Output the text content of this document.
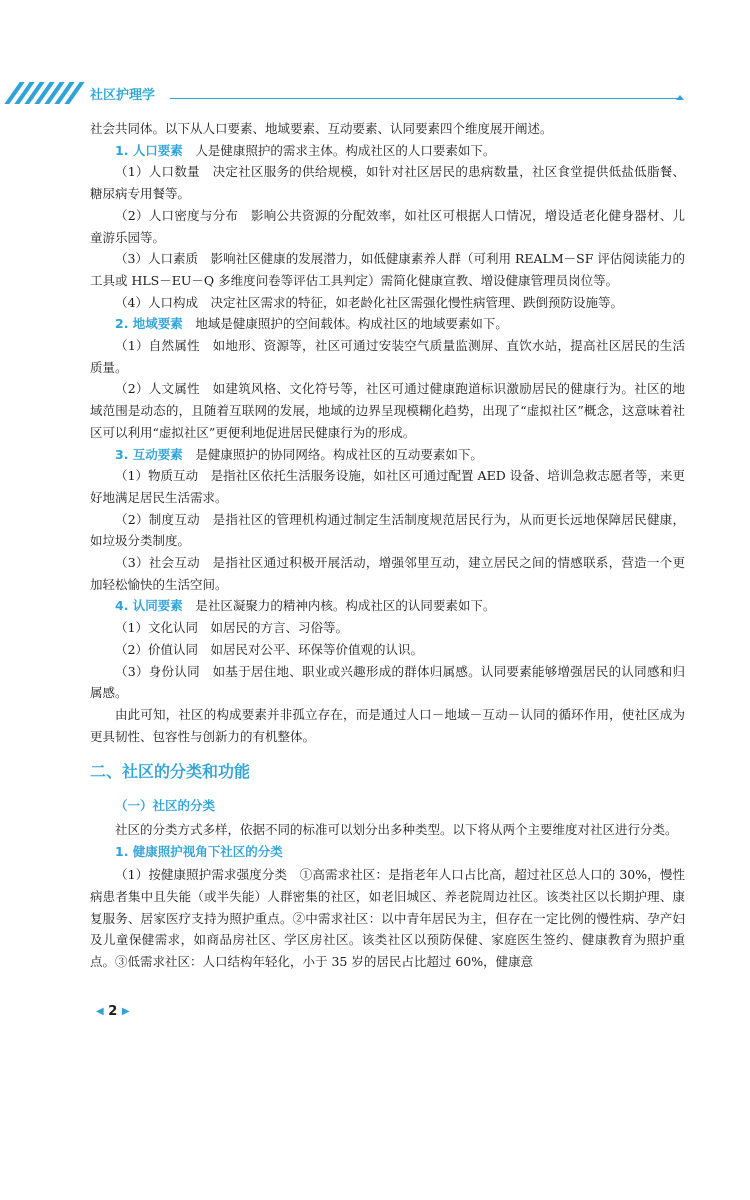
社区护理学

社会共同体。以下从人口要素、地域要素、互动要素、认同要素四个维度展开阐述。

1. 人口要素　 人是健康照护的需求主体。构成社区的人口要素如下。

（1）人口数量　决定社区服务的供给规模，如针对社区居民的患病数量，社区食堂提供低盐低脂餐、糖尿病专用餐等。

（2）人口密度与分布　影响公共资源的分配效率，如社区可根据人口情况，增设适老化健身器材、儿童游乐园等。

（3）人口素质　影响社区健康的发展潜力，如低健康素养人群（可利用 REALM－SF 评估阅读能力的工具或 HLS－EU－Q 多维度问卷等评估工具判定）需简化健康宣教、增设健康管理员岗位等。

（4）人口构成　决定社区需求的特征，如老龄化社区需强化慢性病管理、跌倒预防设施等。

2. 地域要素　 地域是健康照护的空间载体。构成社区的地域要素如下。

（1）自然属性　如地形、资源等，社区可通过安装空气质量监测屏、直饮水站，提高社区居民的生活质量。

（2）人文属性　如建筑风格、文化符号等，社区可通过健康跑道标识激励居民的健康行为。社区的地域范围是动态的，且随着互联网的发展，地域的边界呈现模糊化趋势，出现了“虚拟社区”概念，这意味着社区可以利用“虚拟社区”更便利地促进居民健康行为的形成。

3. 互动要素　 是健康照护的协同网络。构成社区的互动要素如下。

（1）物质互动　是指社区依托生活服务设施，如社区可通过配置 AED 设备、培训急救志愿者等，来更好地满足居民生活需求。

（2）制度互动　是指社区的管理机构通过制定生活制度规范居民行为，从而更长远地保障居民健康，如垃圾分类制度。

（3）社会互动　是指社区通过积极开展活动，增强邻里互动，建立居民之间的情感联系，营造一个更加轻松愉快的生活空间。

4. 认同要素　 是社区凝聚力的精神内核。构成社区的认同要素如下。

（1）文化认同　如居民的方言、习俗等。

（2）价值认同　如居民对公平、环保等价值观的认识。

（3）身份认同　如基于居住地、职业或兴趣形成的群体归属感。认同要素能够增强居民的认同感和归属感。

由此可知，社区的构成要素并非孤立存在，而是通过人口－地域－互动－认同的循环作用，使社区成为更具韧性、包容性与创新力的有机整体。

二、社区的分类和功能
（一）社区的分类

社区的分类方式多样，依据不同的标准可以划分出多种类型。以下将从两个主要维度对社区进行分类。

1. 健康照护视角下社区的分类

（1）按健康照护需求强度分类　①高需求社区：是指老年人口占比高，超过社区总人口的 30%，慢性病患者集中且失能（或半失能）人群密集的社区，如老旧城区、养老院周边社区。该类社区以长期护理、康复服务、居家医疗支持为照护重点。②中需求社区：以中青年居民为主，但存在一定比例的慢性病、孕产妇及儿童保健需求，如商品房社区、学区房社区。该类社区以预防保健、家庭医生签约、健康教育为照护重点。③低需求社区：人口结构年轻化，小于 35 岁的居民占比超过 60%，健康意

◀ 2 ▶
